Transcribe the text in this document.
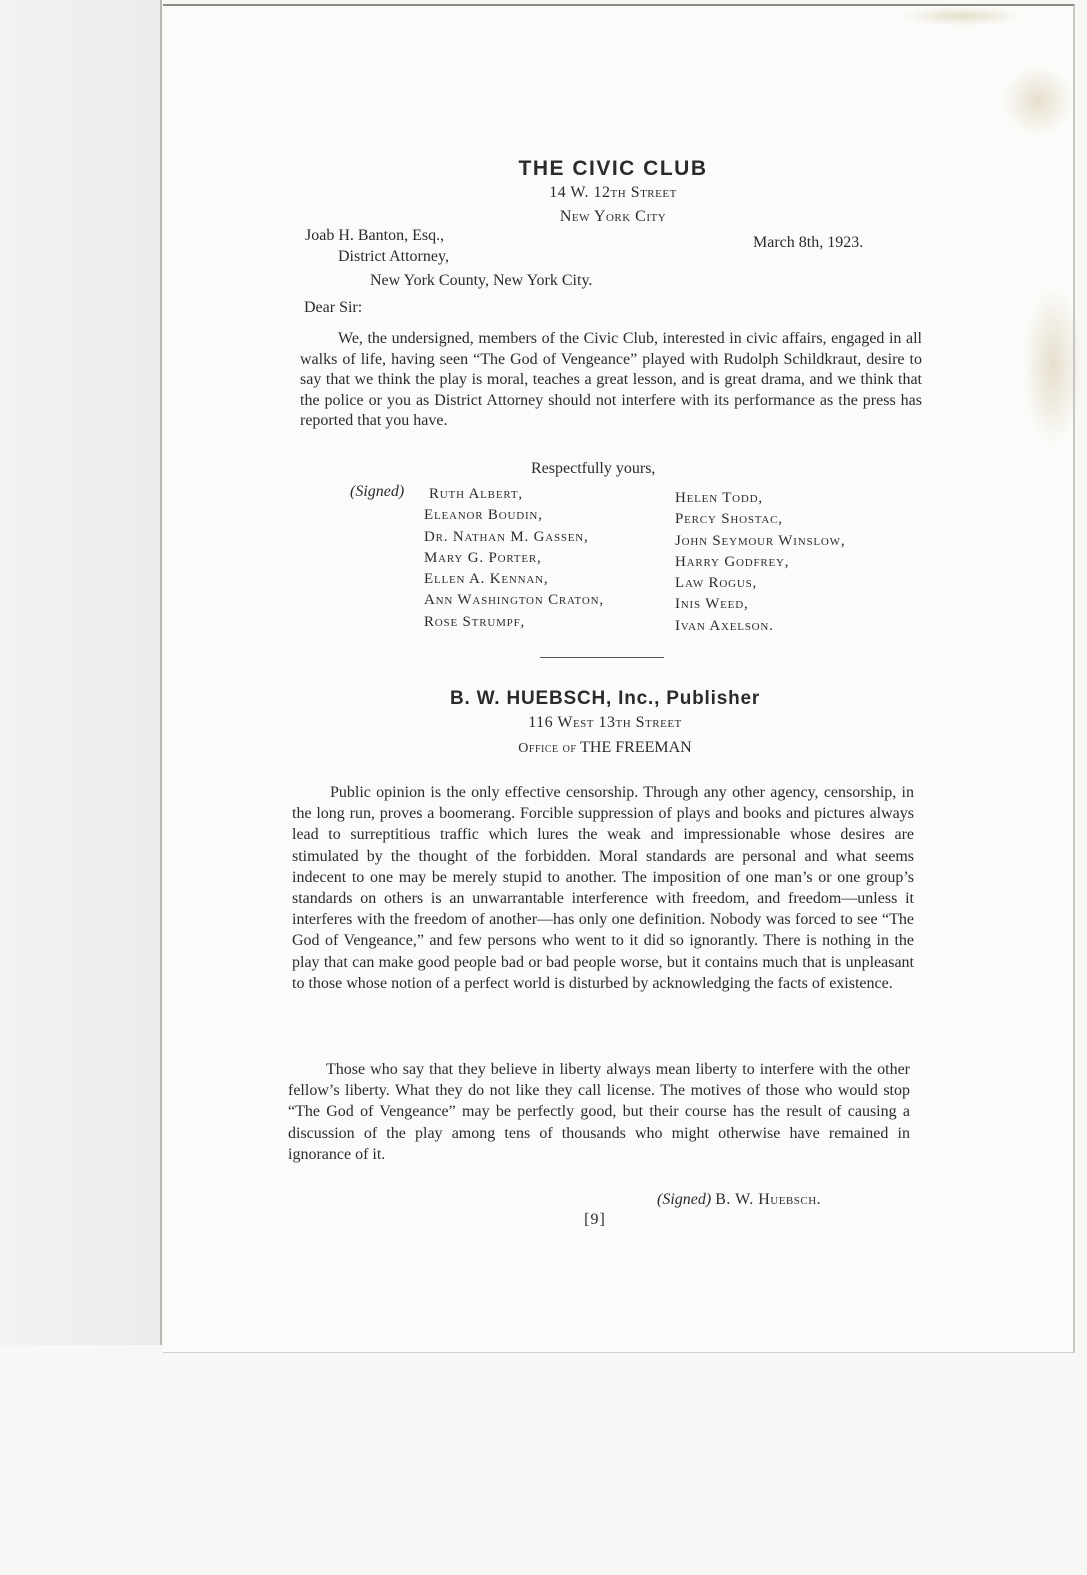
THE CIVIC CLUB
14 W. 12th Street
New York City
Joab H. Banton, Esq.,	March 8th, 1923.
District Attorney,
New York County, New York City.
Dear Sir:
We, the undersigned, members of the Civic Club, interested in civic affairs, engaged in all walks of life, having seen “The God of Vengeance” played with Rudolph Schildkraut, desire to say that we think the play is moral, teaches a great lesson, and is great drama, and we think that the police or you as District Attorney should not interfere with its performance as the press has reported that you have.
Respectfully yours,
(Signed) Ruth Albert,
Eleanor Boudin,
Dr. Nathan M. Gassen,
Mary G. Porter,
Ellen A. Kennan,
Ann Washington Craton,
Rose Strumpf,
Helen Todd,
Percy Shostac,
John Seymour Winslow,
Harry Godfrey,
Law Rogus,
Inis Weed,
Ivan Axelson.
B. W. HUEBSCH, Inc., Publisher
116 West 13th Street
Office of THE FREEMAN
Public opinion is the only effective censorship. Through any other agency, censorship, in the long run, proves a boomerang. Forcible suppression of plays and books and pictures always lead to surreptitious traffic which lures the weak and impressionable whose desires are stimulated by the thought of the forbidden. Moral standards are personal and what seems indecent to one may be merely stupid to another. The imposition of one man’s or one group’s standards on others is an unwarrantable interference with freedom, and freedom—unless it interferes with the freedom of another—has only one definition. Nobody was forced to see “The God of Vengeance,” and few persons who went to it did so ignorantly. There is nothing in the play that can make good people bad or bad people worse, but it contains much that is unpleasant to those whose notion of a perfect world is disturbed by acknowledging the facts of existence.
Those who say that they believe in liberty always mean liberty to interfere with the other fellow’s liberty. What they do not like they call license. The motives of those who would stop “The God of Vengeance” may be perfectly good, but their course has the result of causing a discussion of the play among tens of thousands who might otherwise have remained in ignorance of it.
(Signed) B. W. Huebsch.
[9]
